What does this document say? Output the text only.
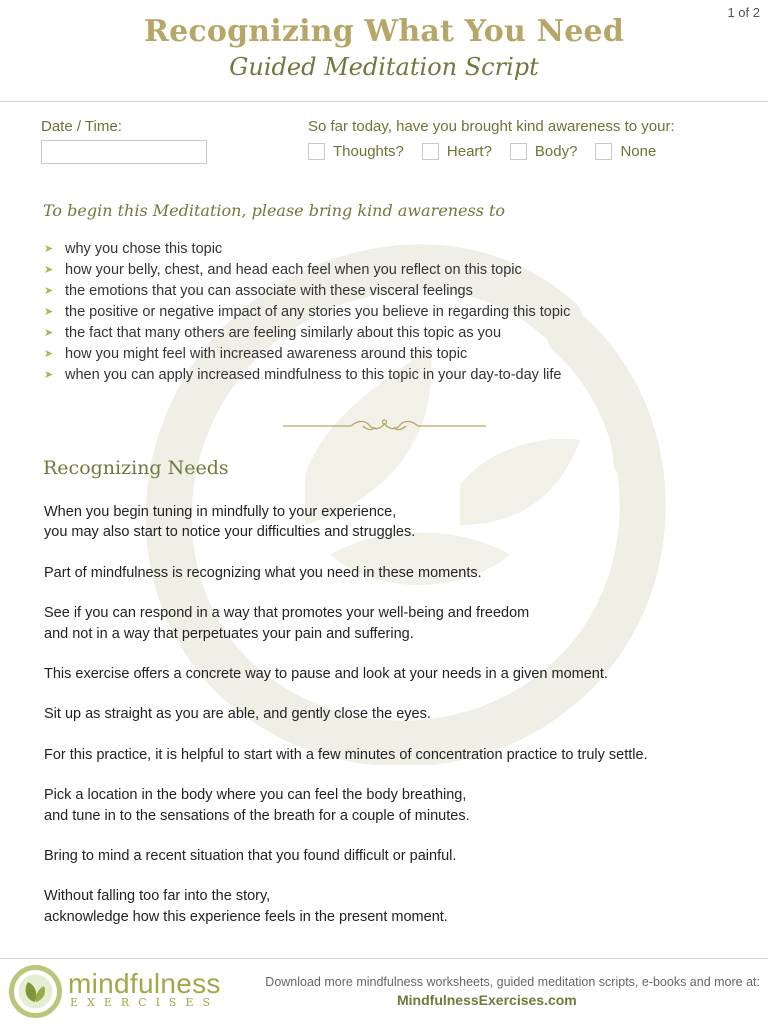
1 of 2
Recognizing What You Need
Guided Meditation Script
Date / Time:	So far today, have you brought kind awareness to your:
Thoughts?	Heart?	Body?	None
To begin this Meditation, please bring kind awareness to
➤ why you chose this topic
➤ how your belly, chest, and head each feel when you reflect on this topic
➤ the emotions that you can associate with these visceral feelings
➤ the positive or negative impact of any stories you believe in regarding this topic
➤ the fact that many others are feeling similarly about this topic as you
➤ how you might feel with increased awareness around this topic
➤ when you can apply increased mindfulness to this topic in your day-to-day life
Recognizing Needs

When you begin tuning in mindfully to your experience,
you may also start to notice your difficulties and struggles.

Part of mindfulness is recognizing what you need in these moments.

See if you can respond in a way that promotes your well-being and freedom
and not in a way that perpetuates your pain and suffering.

This exercise offers a concrete way to pause and look at your needs in a given moment.

Sit up as straight as you are able, and gently close the eyes.

For this practice, it is helpful to start with a few minutes of concentration practice to truly settle.

Pick a location in the body where you can feel the body breathing,
and tune in to the sensations of the breath for a couple of minutes.

Bring to mind a recent situation that you found difficult or painful.

Without falling too far into the story,
acknowledge how this experience feels in the present moment.

mindfulness
EXERCISES
Download more mindfulness worksheets, guided meditation scripts, e-books and more at:
MindfulnessExercises.com
